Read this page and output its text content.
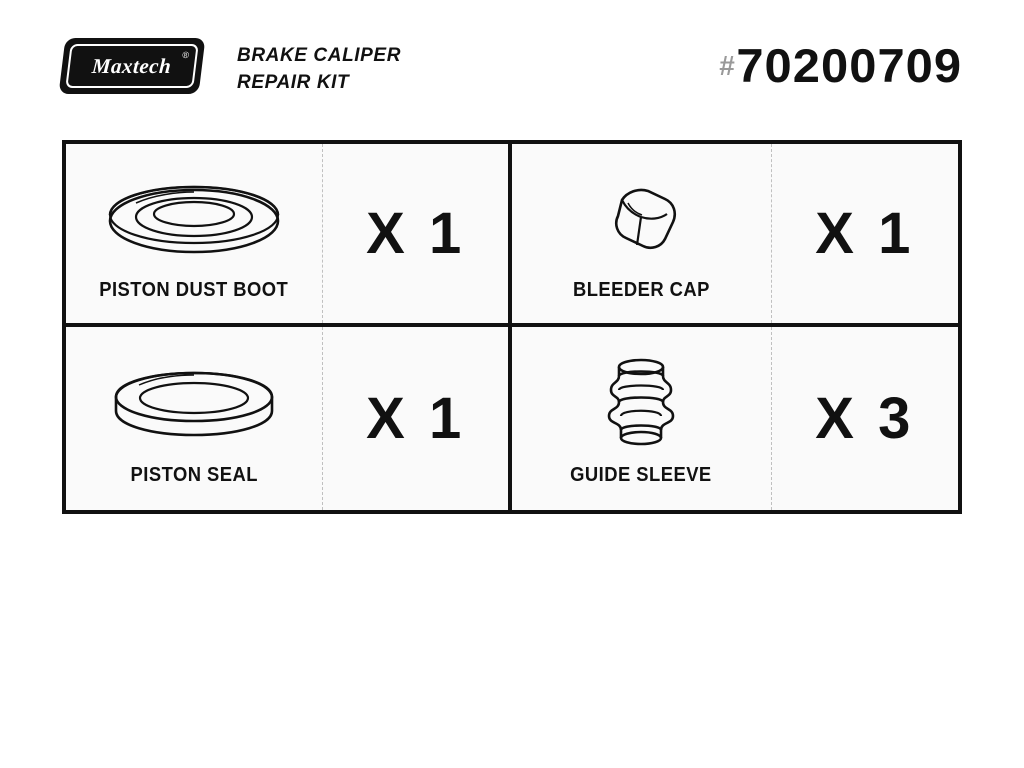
Maxtech ® BRAKE CALIPER
REPAIR KIT
# 70200709
PISTON DUST BOOT
X 1
BLEEDER CAP
X 1
PISTON SEAL
X 1
GUIDE SLEEVE
X 3
